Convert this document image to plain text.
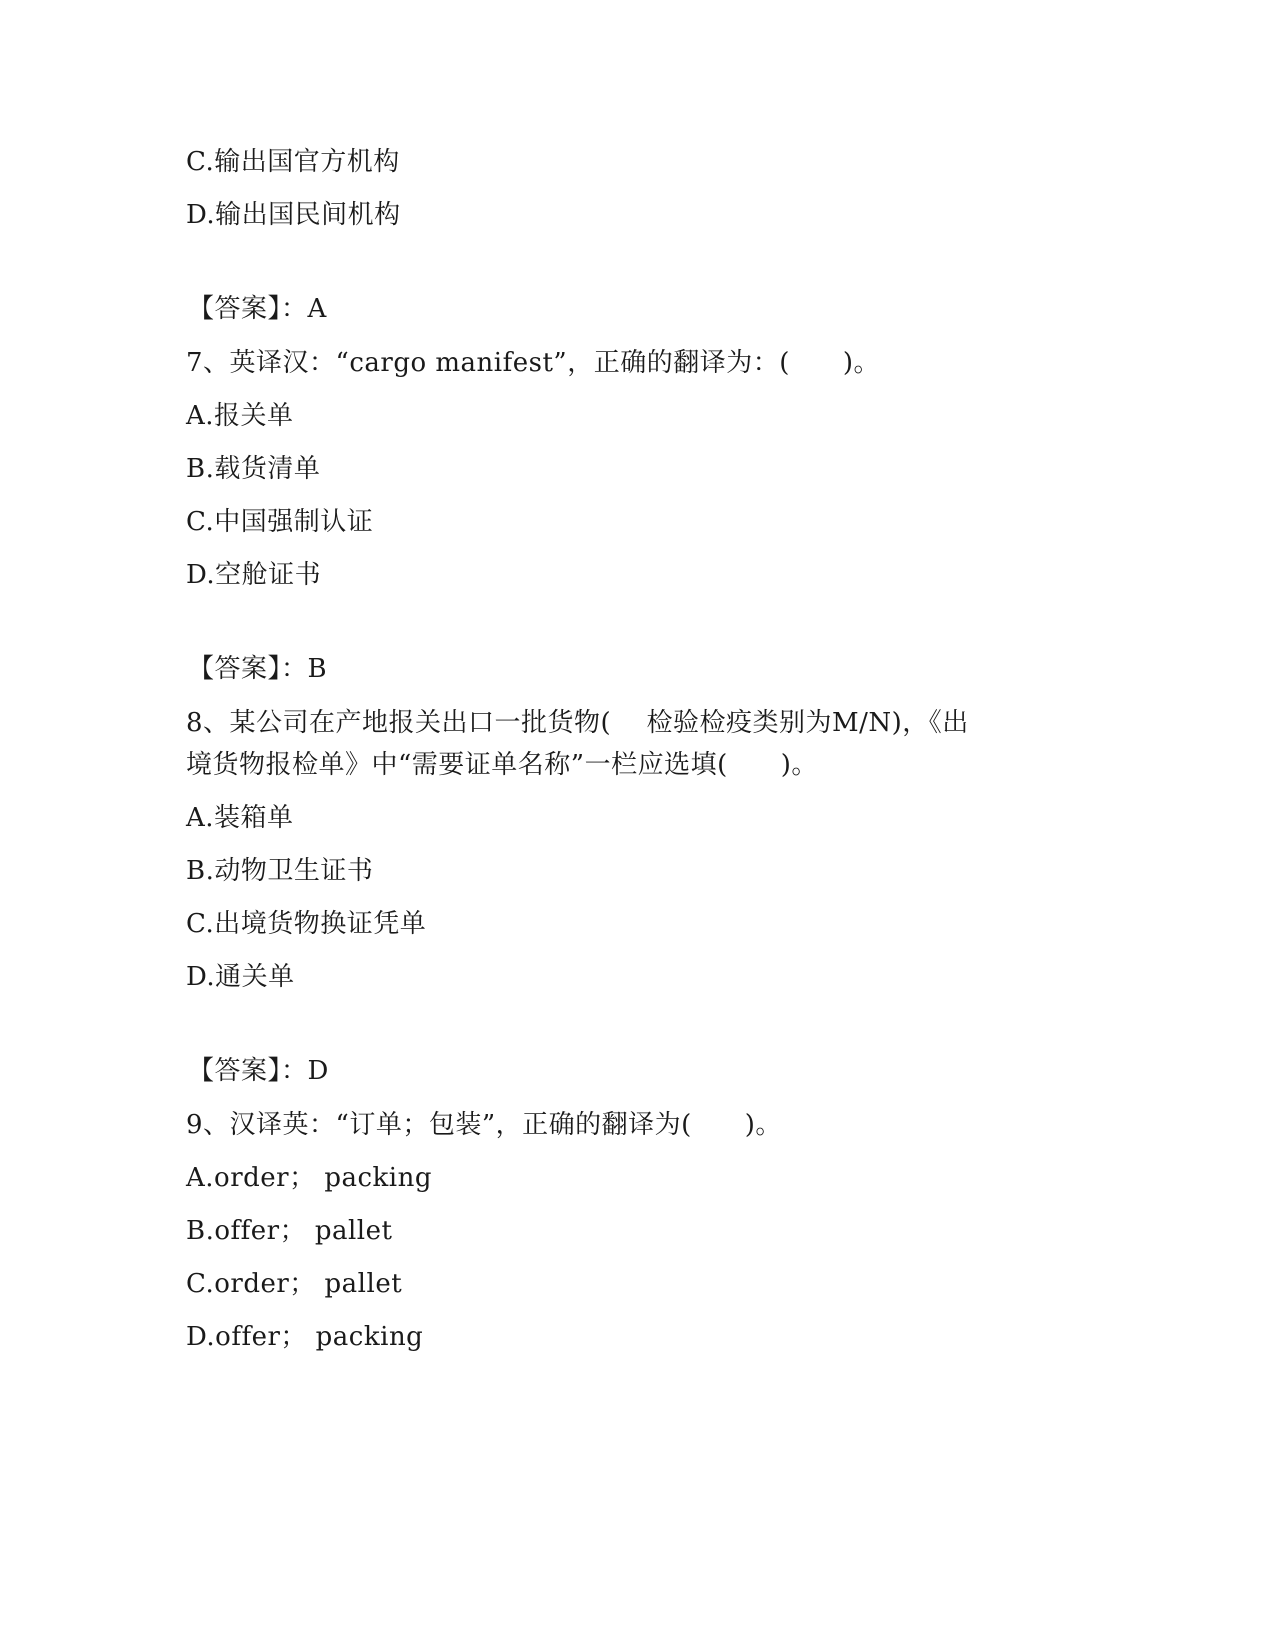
C.输出国官方机构
D.输出国民间机构
【答案】：A
7、英译汉：“cargo manifest”，正确的翻译为：(　　)。
A.报关单
B.载货清单
C.中国强制认证
D.空舱证书
【答案】：B
8、某公司在产地报关出口一批货物(　 检验检疫类别为M/N)，《出
境货物报检单》中“需要证单名称”一栏应选填(　　)。
A.装箱单
B.动物卫生证书
C.出境货物换证凭单
D.通关单
【答案】：D
9、汉译英：“订单；包装”，正确的翻译为(　　)。
A.order； packing
B.offer； pallet
C.order； pallet
D.offer； packing
